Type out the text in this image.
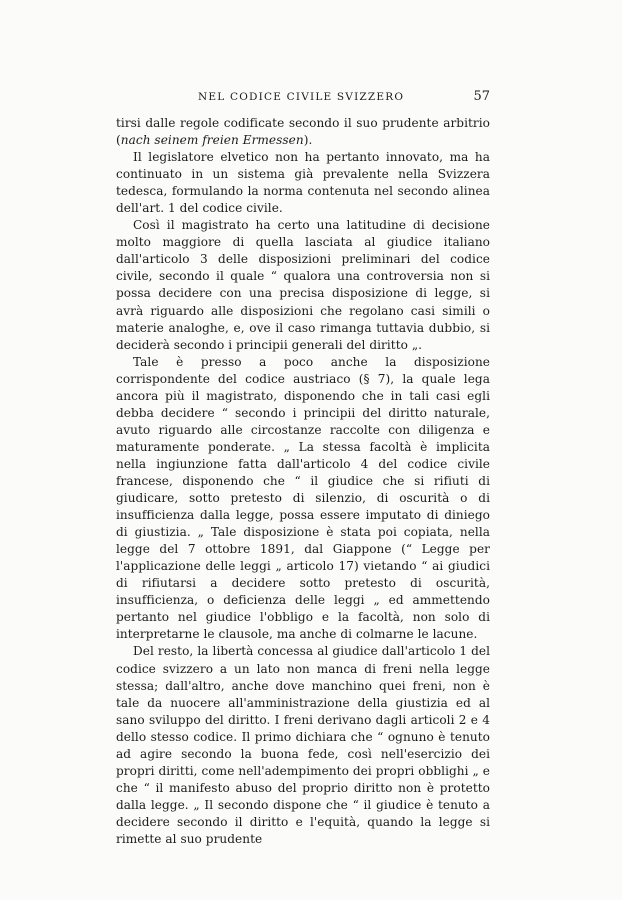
NEL CODICE CIVILE SVIZZERO	57

tirsi dalle regole codificate secondo il suo prudente arbitrio (nach seinem freien Ermessen).

Il legislatore elvetico non ha pertanto innovato, ma ha continuato in un sistema già prevalente nella Svizzera tedesca, formulando la norma contenuta nel secondo alinea dell'art. 1 del codice civile.

Così il magistrato ha certo una latitudine di decisione molto maggiore di quella lasciata al giudice italiano dall'articolo 3 delle disposizioni preliminari del codice civile, secondo il quale “ qualora una controversia non si possa decidere con una precisa disposizione di legge, si avrà riguardo alle disposizioni che regolano casi simili o materie analoghe, e, ove il caso rimanga tuttavia dubbio, si deciderà secondo i principii generali del diritto „.

Tale è presso a poco anche la disposizione corrispondente del codice austriaco (§ 7), la quale lega ancora più il magistrato, disponendo che in tali casi egli debba decidere “ secondo i principii del diritto naturale, avuto riguardo alle circostanze raccolte con diligenza e maturamente ponderate. „ La stessa facoltà è implicita nella ingiunzione fatta dall'articolo 4 del codice civile francese, disponendo che “ il giudice che si rifiuti di giudicare, sotto pretesto di silenzio, di oscurità o di insufficienza dalla legge, possa essere imputato di diniego di giustizia. „ Tale disposizione è stata poi copiata, nella legge del 7 ottobre 1891, dal Giappone (“ Legge per l'applicazione delle leggi „ articolo 17) vietando “ ai giudici di rifiutarsi a decidere sotto pretesto di oscurità, insufficienza, o deficienza delle leggi „ ed ammettendo pertanto nel giudice l'obbligo e la facoltà, non solo di interpretarne le clausole, ma anche di colmarne le lacune.

Del resto, la libertà concessa al giudice dall'articolo 1 del codice svizzero a un lato non manca di freni nella legge stessa; dall'altro, anche dove manchino quei freni, non è tale da nuocere all'amministrazione della giustizia ed al sano sviluppo del diritto. I freni derivano dagli articoli 2 e 4 dello stesso codice. Il primo dichiara che “ ognuno è tenuto ad agire secondo la buona fede, così nell'esercizio dei propri diritti, come nell'adempimento dei propri obblighi „ e che “ il manifesto abuso del proprio diritto non è protetto dalla legge. „ Il secondo dispone che “ il giudice è tenuto a decidere secondo il diritto e l'equità, quando la legge si rimette al suo prudente
